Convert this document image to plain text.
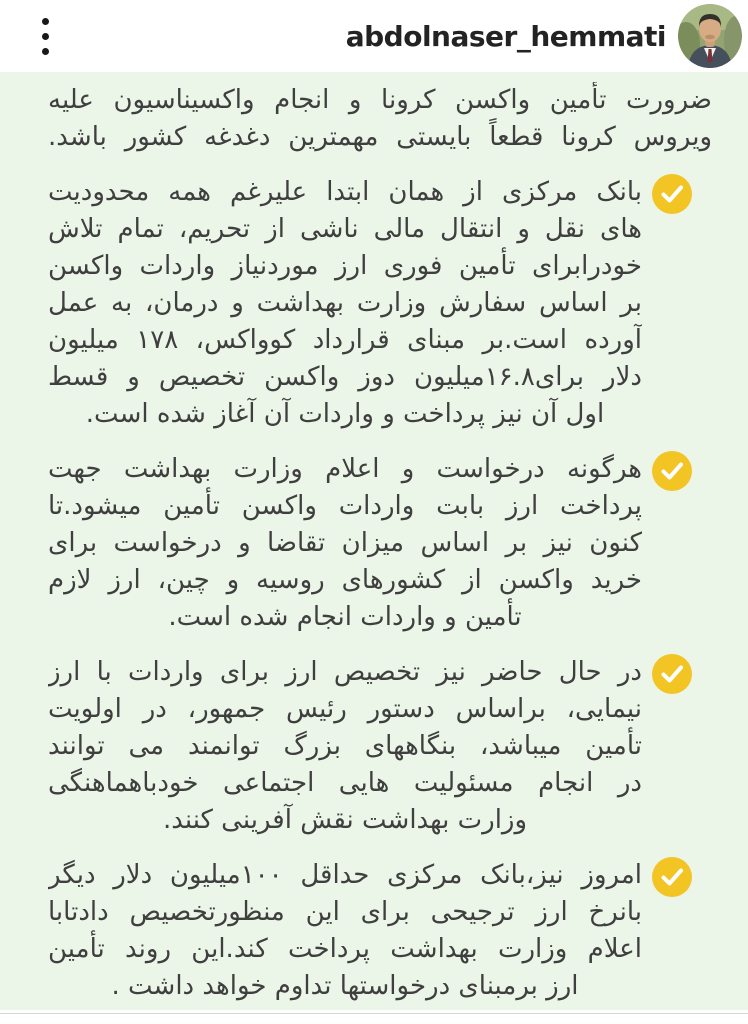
abdolnaser_hemmati
ضرورت تأمین واکسن کرونا و انجام واکسیناسیون علیه
ویروس کرونا قطعاً بایستی مهمترین دغدغه کشور باشد.
بانک مرکزی از همان ابتدا علیرغم همه محدودیت
های نقل و انتقال مالی ناشی از تحریم، تمام تلاش
خودرابرای تأمین فوری ارز موردنیاز واردات واکسن
بر اساس سفارش وزارت بهداشت و درمان، به عمل
آورده است.بر مبنای قرارداد کوواکس، ۱۷۸ میلیون
دلار برای۱۶.۸میلیون دوز واکسن تخصیص و قسط
اول آن نیز پرداخت و واردات آن آغاز شده است.
هرگونه درخواست و اعلام وزارت بهداشت جهت
پرداخت ارز بابت واردات واکسن تأمین میشود.تا
کنون نیز بر اساس میزان تقاضا و درخواست برای
خرید واکسن از کشورهای روسیه و چین، ارز لازم
تأمین و واردات انجام شده است.
در حال حاضر نیز تخصیص ارز برای واردات با ارز
نیمایی، براساس دستور رئیس جمهور، در اولویت
تأمین میباشد، بنگاههای بزرگ توانمند می توانند
در انجام مسئولیت هایی اجتماعی خودباهماهنگی
وزارت بهداشت نقش آفرینی کنند.
امروز نیز،بانک مرکزی حداقل ۱۰۰میلیون دلار دیگر
بانرخ ارز ترجیحی برای این منظورتخصیص دادتابا
اعلام وزارت بهداشت پرداخت کند.این روند تأمین
ارز برمبنای درخواستها تداوم خواهد داشت .
